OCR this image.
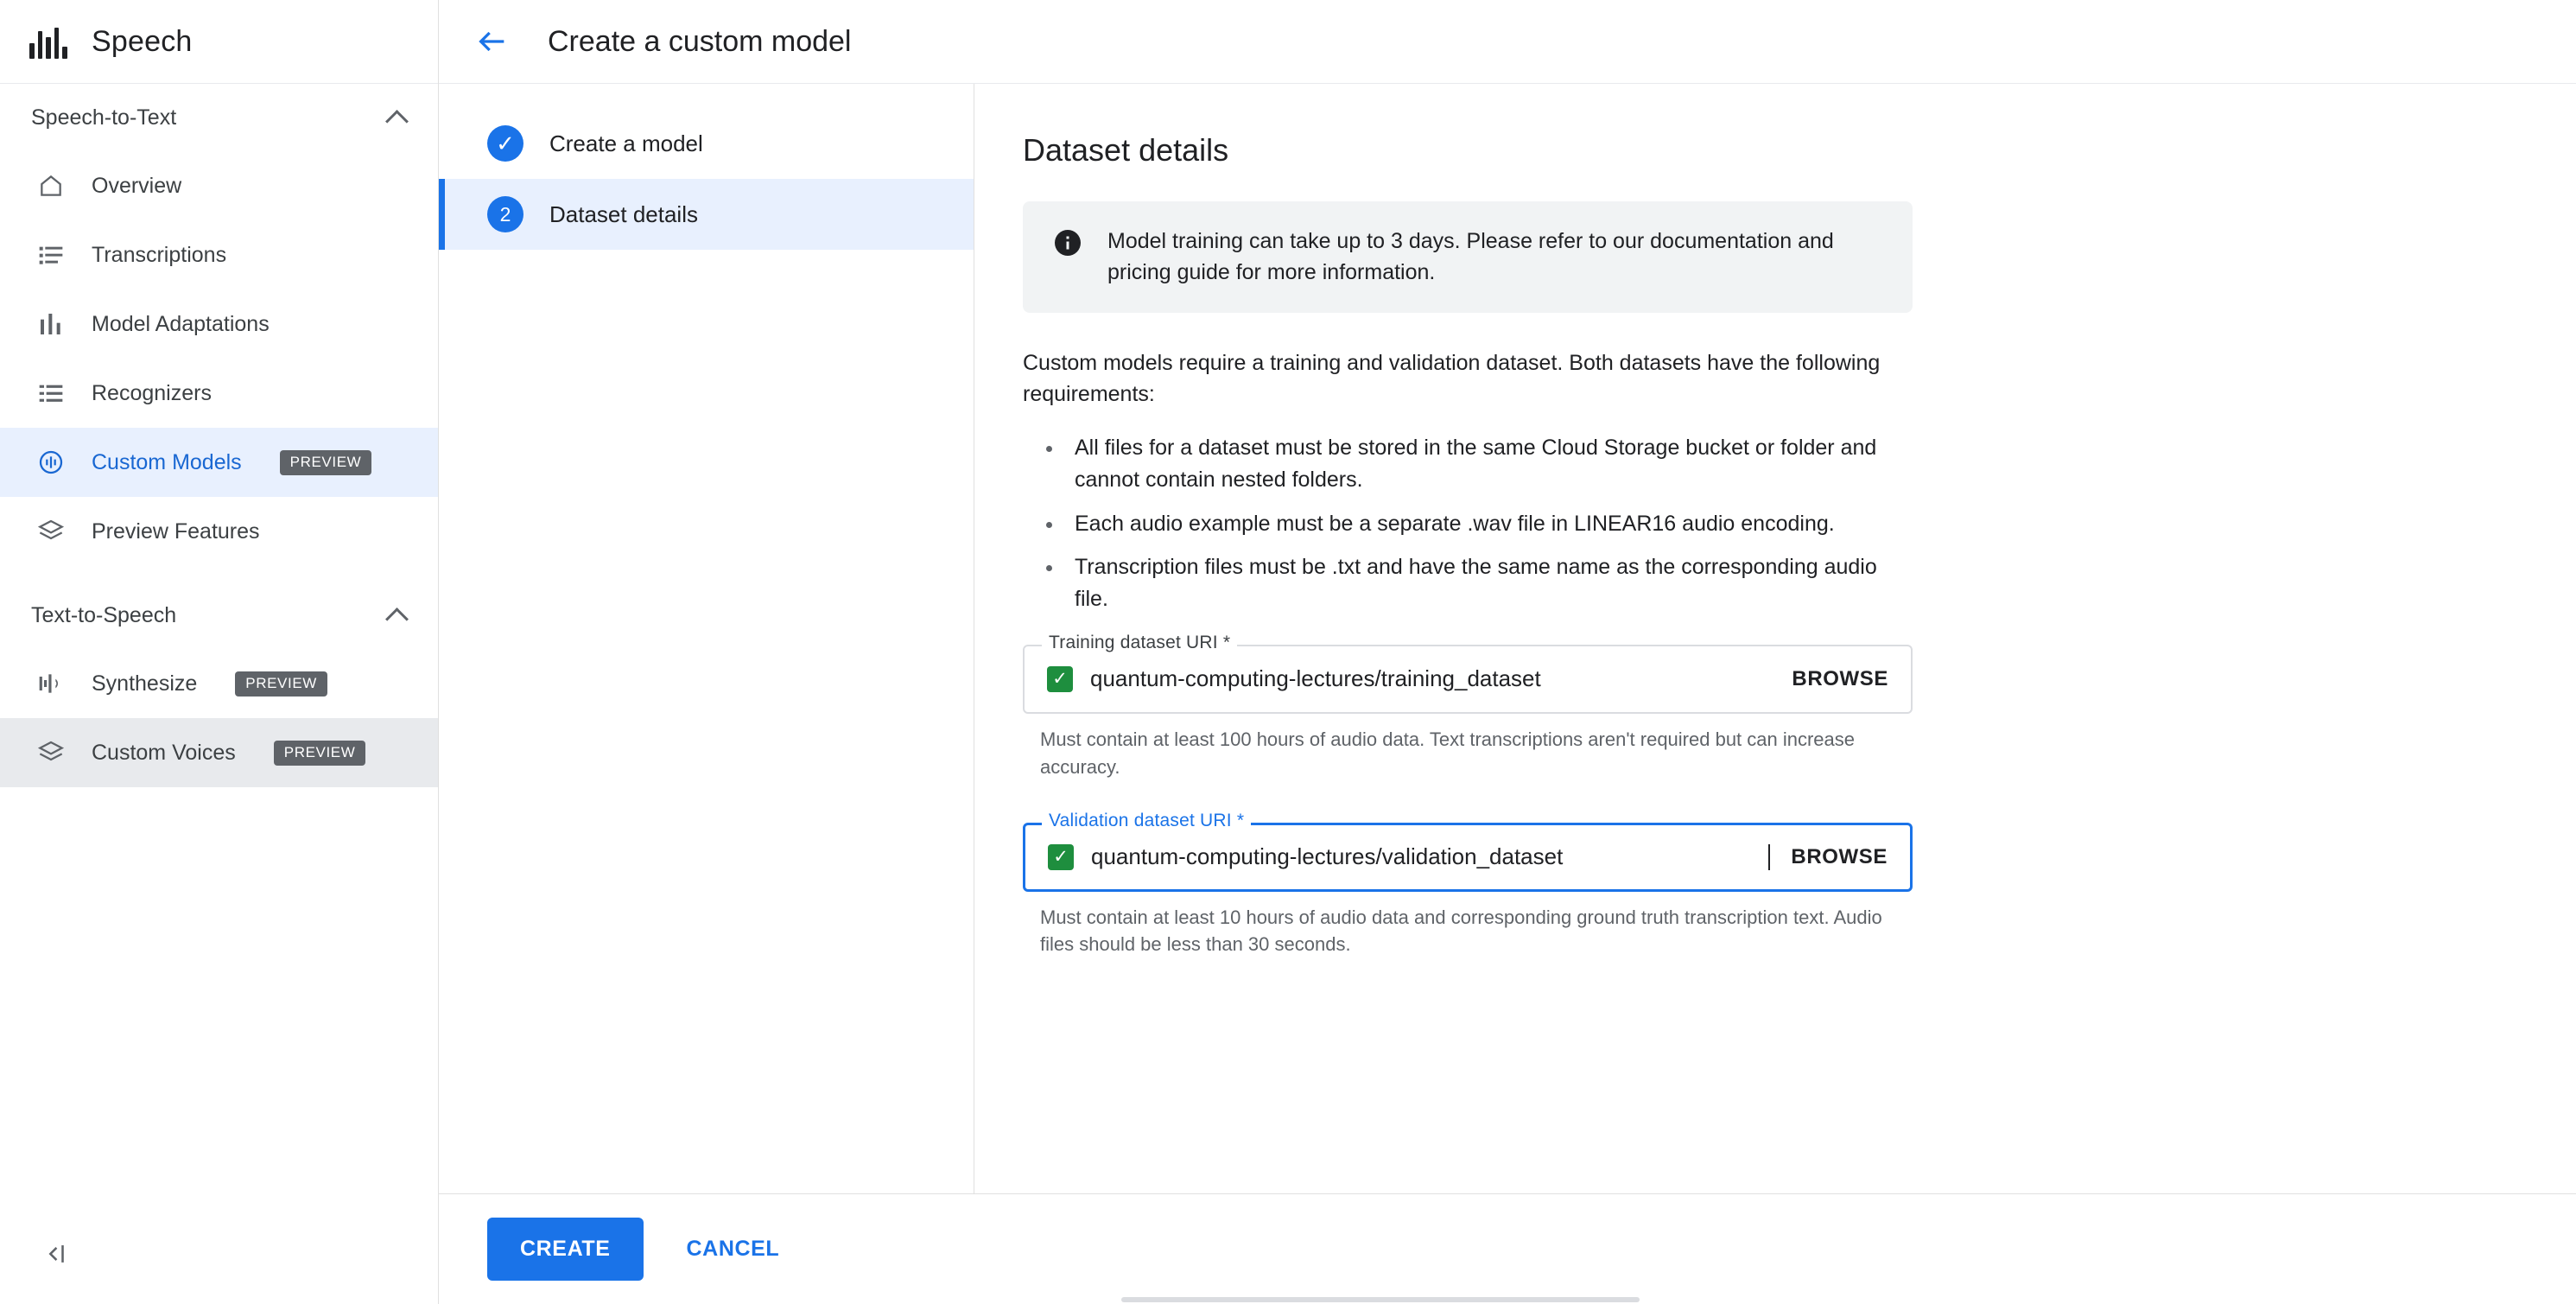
Speech
Speech-to-Text
Overview
Transcriptions
Model Adaptations
Recognizers
Custom Models	PREVIEW
Preview Features
Text-to-Speech
Synthesize	PREVIEW
Custom Voices	PREVIEW
Create a custom model
✓	Create a model
2	Dataset details
Dataset details

Model training can take up to 3 days. Please refer to our documentation and pricing guide for more information.

Custom models require a training and validation dataset. Both datasets have the following requirements:

• All files for a dataset must be stored in the same Cloud Storage bucket or folder and cannot contain nested folders.
• Each audio example must be a separate .wav file in LINEAR16 audio encoding.
• Transcription files must be .txt and have the same name as the corresponding audio file.
Training dataset URI *
✓ quantum-computing-lectures/training_dataset	BROWSE
Must contain at least 100 hours of audio data. Text transcriptions aren't required but can increase accuracy.
Validation dataset URI *
✓ quantum-computing-lectures/validation_dataset	BROWSE
Must contain at least 10 hours of audio data and corresponding ground truth transcription text. Audio files should be less than 30 seconds.
CREATE	CANCEL
